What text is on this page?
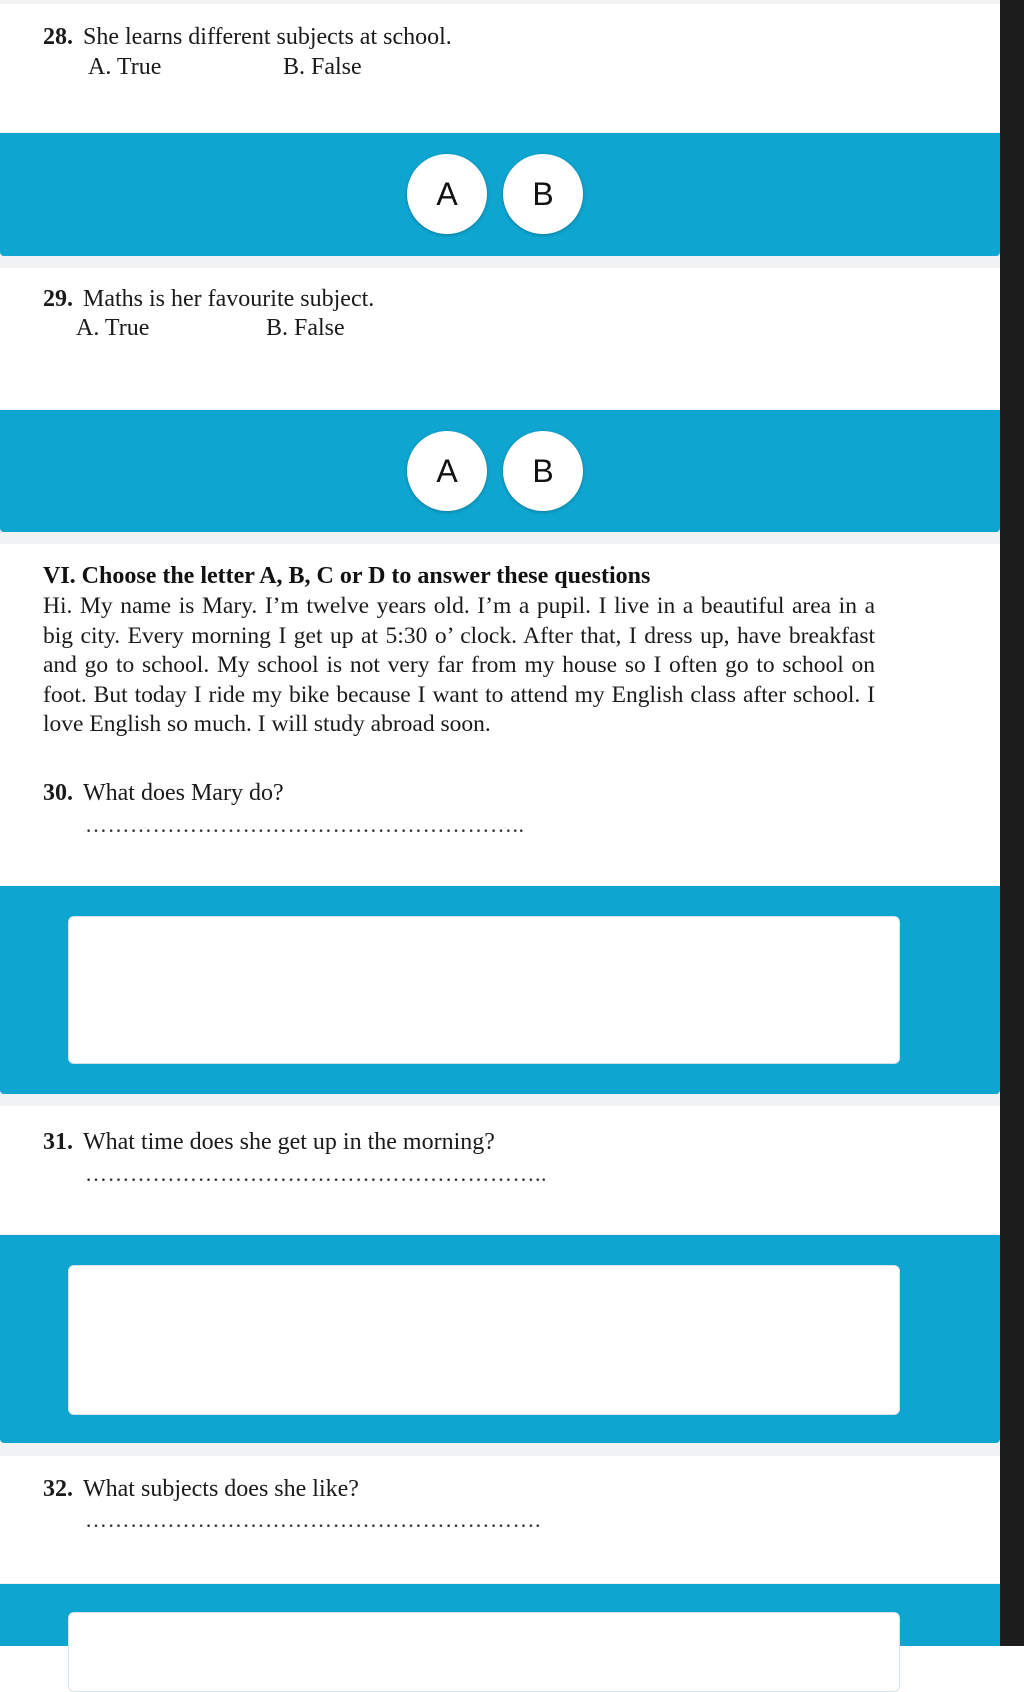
28. She learns different subjects at school.
A. True	B. False
A	B
29. Maths is her favourite subject.
A. True	B. False
A	B
VI. Choose the letter A, B, C or D to answer these questions

Hi. My name is Mary. I’m twelve years old. I’m a pupil. I live in a beautiful area in a big city. Every morning I get up at 5:30 o’ clock. After that, I dress up, have breakfast and go to school. My school is not very far from my house so I often go to school on foot. But today I ride my bike because I want to attend my English class after school. I love English so much. I will study abroad soon.

30. What does Mary do?
…………………………………………………..
31. What time does she get up in the morning?
……………………………………………………..
32. What subjects does she like?
…………………………………………………….
